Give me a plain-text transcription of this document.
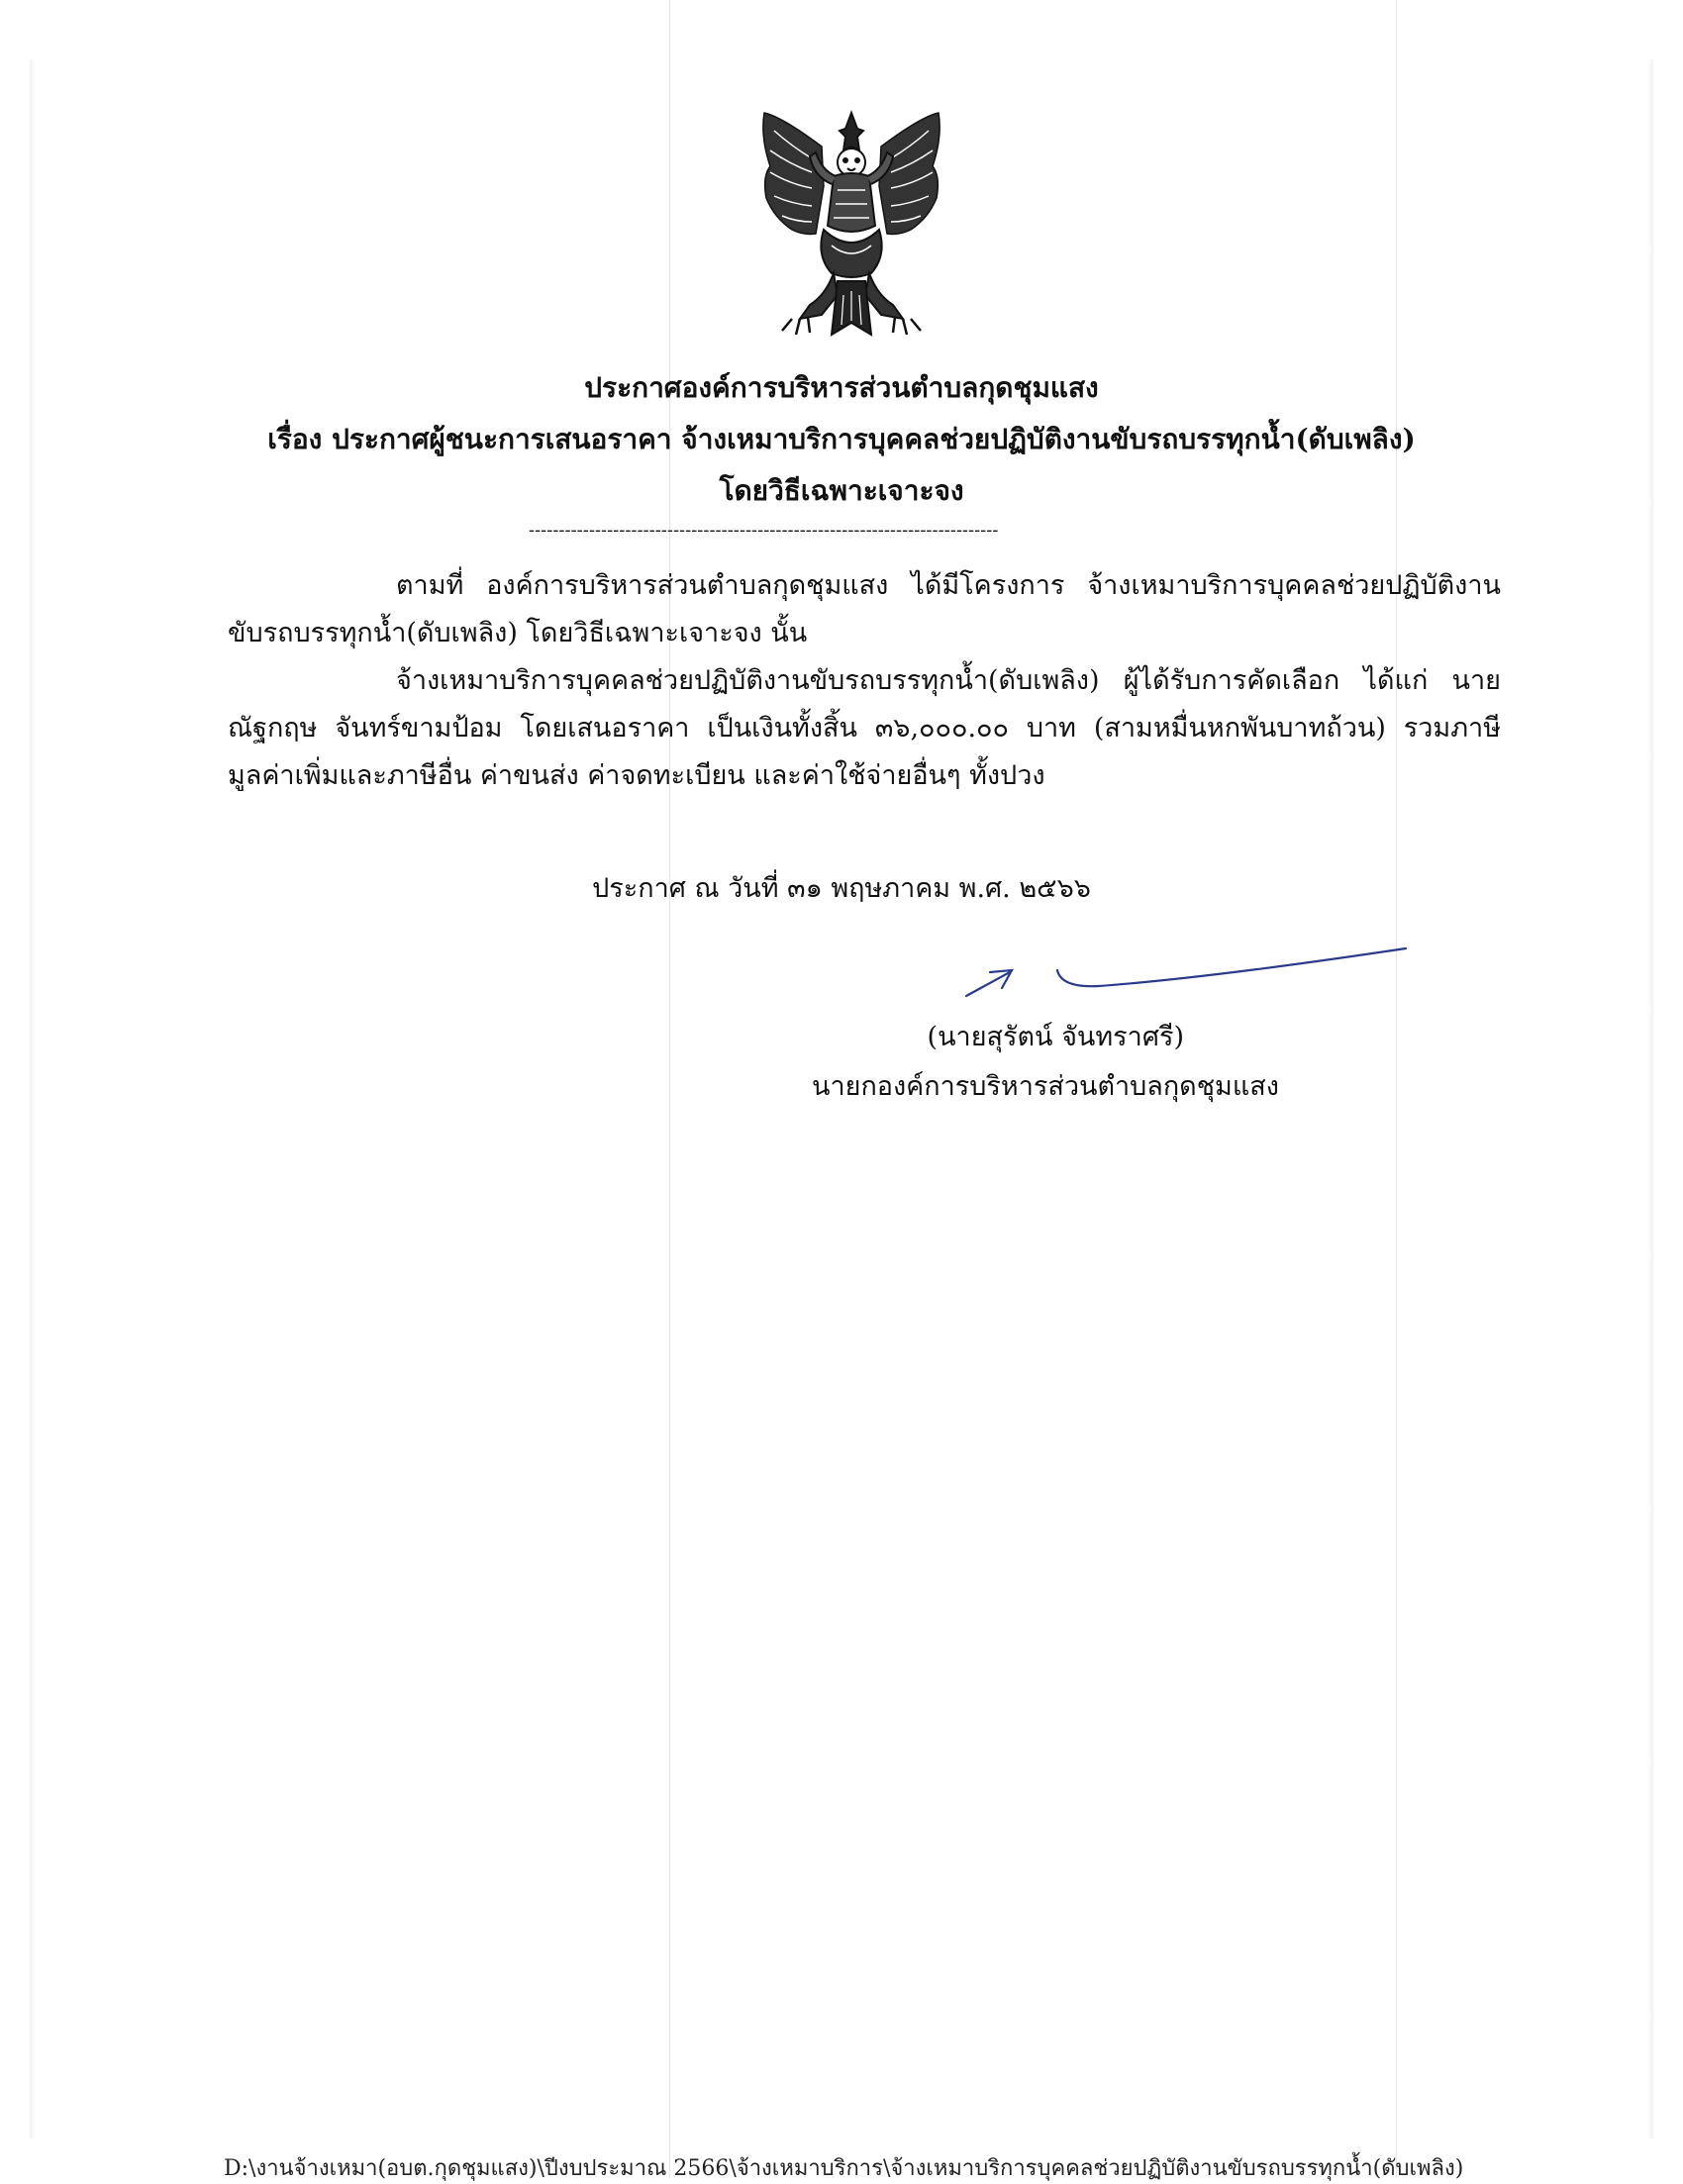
ประกาศองค์การบริหารส่วนตำบลกุดชุมแสง
เรื่อง ประกาศผู้ชนะการเสนอราคา จ้างเหมาบริการบุคคลช่วยปฏิบัติงานขับรถบรรทุกน้ำ(ดับเพลิง)
โดยวิธีเฉพาะเจาะจง
------------------------------------------------------------------------------

ตามที่ องค์การบริหารส่วนตำบลกุดชุมแสง ได้มีโครงการ จ้างเหมาบริการบุคคลช่วยปฏิบัติงาน ขับรถบรรทุกน้ำ(ดับเพลิง) โดยวิธีเฉพาะเจาะจง นั้น

จ้างเหมาบริการบุคคลช่วยปฏิบัติงานขับรถบรรทุกน้ำ(ดับเพลิง) ผู้ได้รับการคัดเลือก ได้แก่ นายณัฐกฤษ จันทร์ขามป้อม โดยเสนอราคา เป็นเงินทั้งสิ้น ๓๖,๐๐๐.๐๐ บาท (สามหมื่นหกพันบาทถ้วน) รวมภาษีมูลค่าเพิ่มและภาษีอื่น ค่าขนส่ง ค่าจดทะเบียน และค่าใช้จ่ายอื่นๆ ทั้งปวง

ประกาศ ณ วันที่ ๓๑ พฤษภาคม พ.ศ. ๒๕๖๖
(นายสุรัตน์ จันทราศรี)
นายกองค์การบริหารส่วนตำบลกุดชุมแสง
D:\งานจ้างเหมา(อบต.กุดชุมแสง)\ปีงบประมาณ 2566\จ้างเหมาบริการ\จ้างเหมาบริการบุคคลช่วยปฏิบัติงานขับรถบรรทุกน้ำ(ดับเพลิง)
